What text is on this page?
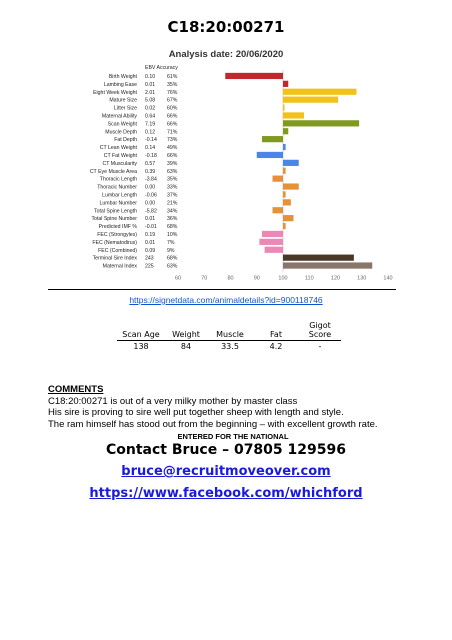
C18:20:00271
Analysis date: 20/06/2020
EBV Accuracy
Birth Weight 0.10 61%
Lambing Ease 0.01 35%
Eight Week Weight 2.01 76%
Mature Size 5.08 67%
Litter Size 0.02 60%
Maternal Ability 0.64 66%
Scan Weight 7.19 66%
Muscle Depth 0.12 71%
Fat Depth -0.14 73%
CT Lean Weight 0.14 49%
CT Fat Weight -0.18 66%
CT Muscularity 0.57 39%
CT Eye Muscle Area 0.39 63%
Thoracic Length -3.84 35%
Thoracic Number 0.00 33%
Lumbar Length -0.06 37%
Lumbar Number 0.00 21%
Total Spine Length -5.82 34%
Total Spine Number 0.01 36%
Predicted IMF % -0.01 68%
FEC (Strongyles) 0.19 10%
FEC (Nematodirus) 0.01 7%
FEC (Combined) 0.09 9%
Terminal Sire Index 243	68%
Maternal Index 225	63%
60	70	80	90	100	110	120	130	140
https://signetdata.com/animaldetails?id=900118746
Scan Age	Weight	Muscle	Fat	Gigot Score
138	84	33.5	4.2	-
COMMENTS
C18:20:00271 is out of a very milky mother by master class
His sire is proving to sire well put together sheep with length and style.
The ram himself has stood out from the beginning – with excellent growth rate.
ENTERED FOR THE NATIONAL
Contact Bruce – 07805 129596
bruce@recruitmoveover.com
https://www.facebook.com/whichford
